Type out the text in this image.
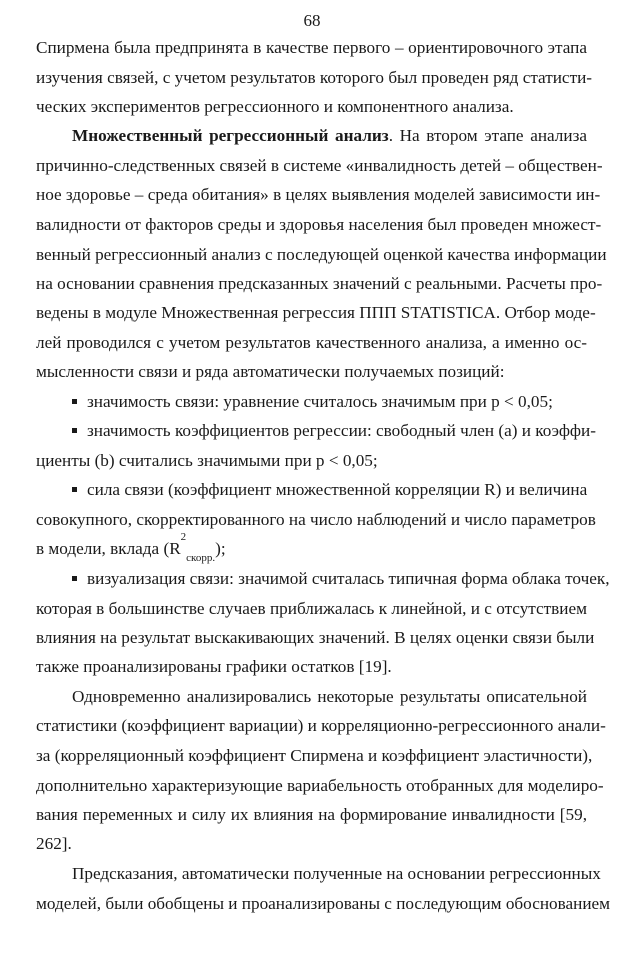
68
Спирмена была предпринята в качестве первого – ориентировочного этапа
изучения связей, с учетом результатов которого был проведен ряд статисти-
ческих экспериментов регрессионного и компонентного анализа.
Множественный регрессионный анализ. На втором этапе анализа
причинно-следственных связей в системе «инвалидность детей – обществен-
ное здоровье – среда обитания» в целях выявления моделей зависимости ин-
валидности от факторов среды и здоровья населения был проведен множест-
венный регрессионный анализ с последующей оценкой качества информации
на основании сравнения предсказанных значений с реальными. Расчеты про-
ведены в модуле Множественная регрессия ППП STATISTICA. Отбор моде-
лей проводился с учетом результатов качественного анализа, а именно ос-
мысленности связи и ряда автоматически получаемых позиций:
значимость связи: уравнение считалось значимым при p < 0,05;
значимость коэффициентов регрессии: свободный член (а) и коэффи-
циенты (b) считались значимыми при p < 0,05;
сила связи (коэффициент множественной корреляции R) и величина
совокупного, скорректированного на число наблюдений и число параметров
в модели, вклада $(R^2_{скорр.})$;
визуализация связи: значимой считалась типичная форма облака точек,
которая в большинстве случаев приближалась к линейной, и с отсутствием
влияния на результат выскакивающих значений. В целях оценки связи были
также проанализированы графики остатков [19].
Одновременно анализировались некоторые результаты описательной
статистики (коэффициент вариации) и корреляционно-регрессионного анали-
за (корреляционный коэффициент Спирмена и коэффициент эластичности),
дополнительно характеризующие вариабельность отобранных для моделиро-
вания переменных и силу их влияния на формирование инвалидности [59,
262].
Предсказания, автоматически полученные на основании регрессионных
моделей, были обобщены и проанализированы с последующим обоснованием
